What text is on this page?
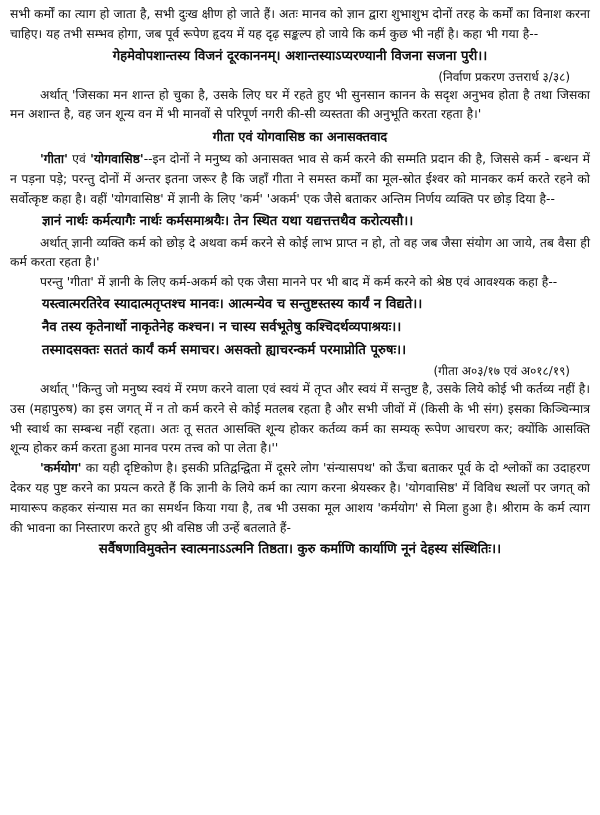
सभी कर्मों का त्याग हो जाता है, सभी दुःख क्षीण हो जाते हैं। अतः मानव को ज्ञान द्वारा शुभाशुभ दोनों तरह के कर्मों का विनाश करना चाहिए। यह तभी सम्भव होगा, जब पूर्व रूपेण हृदय में यह दृढ़ सङ्कल्प हो जाये कि कर्म कुछ भी नहीं है। कहा भी गया है--

गेहमेवोपशान्तस्य विजनं दूरकाननम्। अशान्तस्याऽप्यरण्यानी विजना सजना पुरी।।

(निर्वाण प्रकरण उत्तरार्ध ३/३८)

अर्थात् 'जिसका मन शान्त हो चुका है, उसके लिए घर में रहते हुए भी सुनसान कानन के सदृश अनुभव होता है तथा जिसका मन अशान्त है, वह जन शून्य वन में भी मानवों से परिपूर्ण नगरी की-सी व्यस्तता की अनुभूति करता रहता है।'

गीता एवं योगवासिष्ठ का अनासक्तवाद

'गीता' एवं 'योगवासिष्ठ'--इन दोनों ने मनुष्य को अनासक्त भाव से कर्म करने की सम्मति प्रदान की है, जिससे कर्म - बन्धन में न पड़ना पड़े; परन्तु दोनों में अन्तर इतना जरूर है कि जहाँ गीता ने समस्त कर्मों का मूल-स्रोत ईश्वर को मानकर कर्म करते रहने को सर्वोत्कृष्ट कहा है। वहीं 'योगवासिष्ठ' में ज्ञानी के लिए 'कर्म' 'अकर्म' एक जैसे बताकर अन्तिम निर्णय व्यक्ति पर छोड़ दिया है--

ज्ञानं नार्थः कर्मत्यागैः नार्थः कर्मसमाश्रयैः। तेन स्थित यथा यद्यत्तत्तथैव करोत्यसौ।।

अर्थात् ज्ञानी व्यक्ति कर्म को छोड़ दे अथवा कर्म करने से कोई लाभ प्राप्त न हो, तो वह जब जैसा संयोग आ जाये, तब वैसा ही कर्म करता रहता है।'

परन्तु 'गीता' में ज्ञानी के लिए कर्म-अकर्म को एक जैसा मानने पर भी बाद में कर्म करने को श्रेष्ठ एवं आवश्यक कहा है--

यस्त्वात्मरतिरेव स्यादात्मतृप्तश्च मानवः। आत्मन्येव च सन्तुष्टस्तस्य कार्यं न विद्यते।।

नैव तस्य कृतेनार्थो नाकृतेनेह कश्चन। न चास्य सर्वभूतेषु कश्चिदर्थव्यपाश्रयः।।

तस्मादसक्तः सततं कार्यं कर्म समाचर। असक्तो ह्याचरन्कर्म परमाप्नोति पूरुषः।।

(गीता अ०३/१७ एवं अ०१८/१९)

अर्थात् ''किन्तु जो मनुष्य स्वयं में रमण करने वाला एवं स्वयं में तृप्त और स्वयं में सन्तुष्ट है, उसके लिये कोई भी कर्तव्य नहीं है। उस (महापुरुष) का इस जगत् में न तो कर्म करने से कोई मतलब रहता है और सभी जीवों में (किसी के भी संग) इसका किञ्चिन्मात्र भी स्वार्थ का सम्बन्ध नहीं रहता। अतः तू सतत आसक्ति शून्य होकर कर्तव्य कर्म का सम्यक् रूपेण आचरण कर; क्योंकि आसक्ति शून्य होकर कर्म करता हुआ मानव परम तत्त्व को पा लेता है।''

'कर्मयोग' का यही दृष्टिकोण है। इसकी प्रतिद्वन्द्विता में दूसरे लोग 'संन्यासपथ' को ऊँचा बताकर पूर्व के दो श्लोकों का उदाहरण देकर यह पुष्ट करने का प्रयत्न करते हैं कि ज्ञानी के लिये कर्म का त्याग करना श्रेयस्कर है। 'योगवासिष्ठ' में विविध स्थलों पर जगत् को मायारूप कहकर संन्यास मत का समर्थन किया गया है, तब भी उसका मूल आशय 'कर्मयोग' से मिला हुआ है। श्रीराम के कर्म त्याग की भावना का निस्तारण करते हुए श्री वसिष्ठ जी उन्हें बतलाते हैं-

सर्वैषणाविमुक्तेन स्वात्मनाऽऽत्मनि तिष्ठता। कुरु कर्माणि कार्याणि नूनं देहस्य संस्थितिः।।
